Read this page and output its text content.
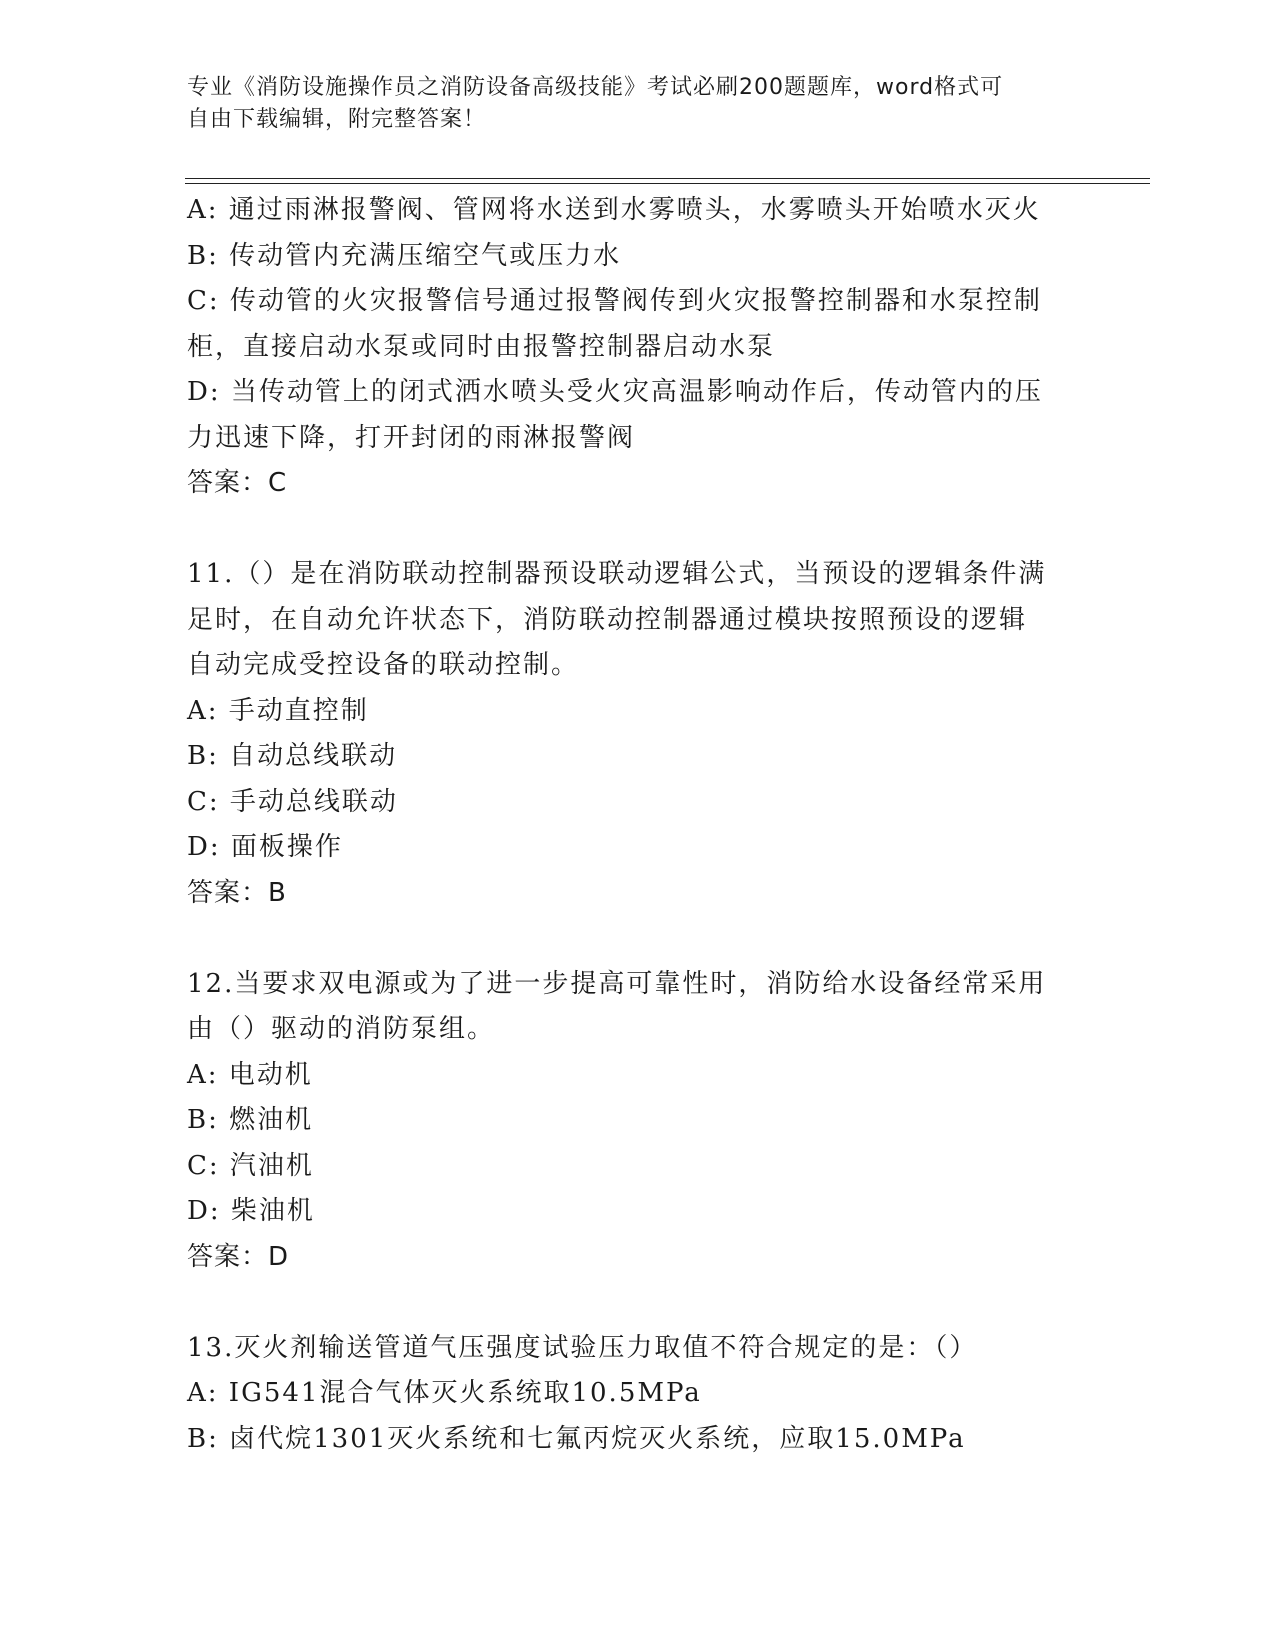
专业《消防设施操作员之消防设备高级技能》考试必刷200题题库，word格式可
自由下载编辑，附完整答案！
A: 通过雨淋报警阀、管网将水送到水雾喷头，水雾喷头开始喷水灭火
B: 传动管内充满压缩空气或压力水
C: 传动管的火灾报警信号通过报警阀传到火灾报警控制器和水泵控制
柜，直接启动水泵或同时由报警控制器启动水泵
D: 当传动管上的闭式洒水喷头受火灾高温影响动作后，传动管内的压
力迅速下降，打开封闭的雨淋报警阀
答案：C
11.（）是在消防联动控制器预设联动逻辑公式，当预设的逻辑条件满
足时，在自动允许状态下，消防联动控制器通过模块按照预设的逻辑
自动完成受控设备的联动控制。
A: 手动直控制
B: 自动总线联动
C: 手动总线联动
D: 面板操作
答案：B
12.当要求双电源或为了进一步提高可靠性时，消防给水设备经常采用
由（）驱动的消防泵组。
A: 电动机
B: 燃油机
C: 汽油机
D: 柴油机
答案：D
13.灭火剂输送管道气压强度试验压力取值不符合规定的是：（）
A: IG541混合气体灭火系统取10.5MPa
B: 卤代烷1301灭火系统和七氟丙烷灭火系统，应取15.0MPa
